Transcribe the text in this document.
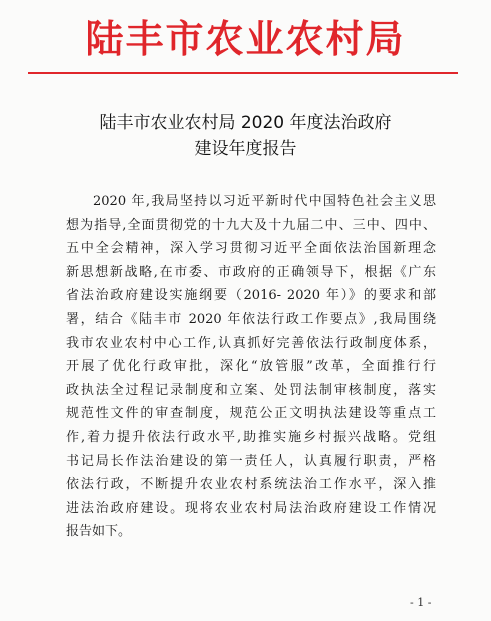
陆丰市农业农村局
陆丰市农业农村局 2020 年度法治政府
建设年度报告
2020 年,我局坚持以习近平新时代中国特色社会主义思
想为指导,全面贯彻党的十九大及十九届二中、三中、四中、
五中全会精神，深入学习贯彻习近平全面依法治国新理念
新思想新战略,在市委、市政府的正确领导下，根据《广东
省法治政府建设实施纲要（2016- 2020 年）》的要求和部
署，结合《陆丰市 2020 年依法行政工作要点》,我局围绕
我市农业农村中心工作,认真抓好完善依法行政制度体系，
开展了优化行政审批，深化“放管服”改革，全面推行行
政执法全过程记录制度和立案、处罚法制审核制度，落实
规范性文件的审查制度，规范公正文明执法建设等重点工
作,着力提升依法行政水平,助推实施乡村振兴战略。党组
书记局长作法治建设的第一责任人，认真履行职责，严格
依法行政，不断提升农业农村系统法治工作水平，深入推
进法治政府建设。现将农业农村局法治政府建设工作情况
报告如下。
- 1 -
